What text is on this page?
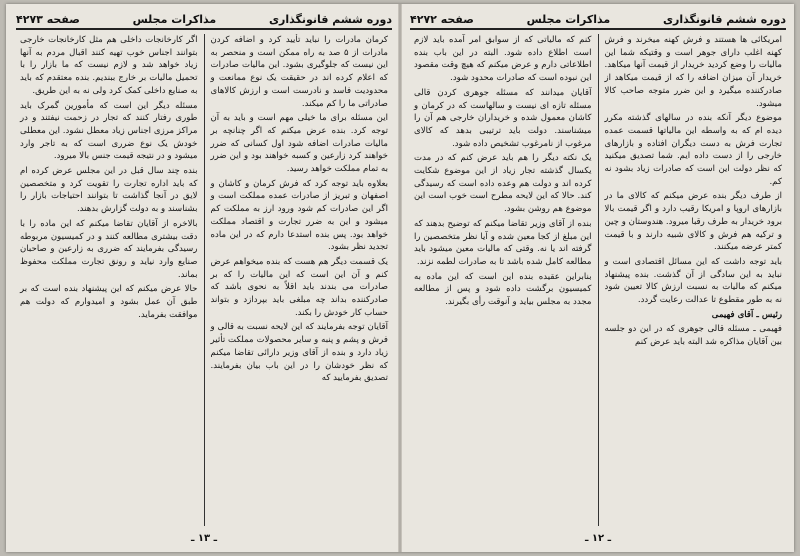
دوره ششم قانونگذاری
مذاکرات مجلس
صفحه ۴۲۷۳

کرمان مادرات را نباید تأیید کرد و اضافه کردن مادرات از ۵ صد به راه ممکن است و منحصر به این نیست که جلوگیری بشود. این مالیات صادرات که اعلام کرده اند در حقیقت یک نوع ممانعت و محدودیت فاسد و نادرست است و ارزش کالاهای صادراتی ما را کم میکند.

این مسئله برای ما خیلی مهم است و باید به آن توجه کرد. بنده عرض میکنم که اگر چنانچه بر مالیات صادرات اضافه شود اول کسانی که ضرر خواهند کرد زارعین و کسبه خواهند بود و این ضرر به تمام مملکت خواهد رسید.

بعلاوه باید توجه کرد که فرش کرمان و کاشان و اصفهان و تبریز از صادرات عمده مملکت است و اگر این صادرات کم شود ورود ارز به مملکت کم میشود و این به ضرر تجارت و اقتصاد مملکت خواهد بود. پس بنده استدعا دارم که در این ماده تجدید نظر بشود.

یک قسمت دیگر هم هست که بنده میخواهم عرض کنم و آن این است که این مالیات را که بر صادرات می بندند باید اقلاً به نحوی باشد که صادرکننده بداند چه مبلغی باید بپردازد و بتواند حساب کار خودش را بکند.

آقایان توجه بفرمایند که این لایحه نسبت به قالی و فرش و پشم و پنبه و سایر محصولات مملکت تأثیر زیاد دارد و بنده از آقای وزیر دارائی تقاضا میکنم که نظر خودشان را در این باب بیان بفرمایند. تصدیق بفرمایید که

اگر کارخانجات داخلی هم مثل کارخانجات خارجی بتوانند اجناس خوب تهیه کنند اقبال مردم به آنها زیاد خواهد شد و لازم نیست که ما بازار را با تحمیل مالیات بر خارج ببندیم. بنده معتقدم که باید به صنایع داخلی کمک کرد ولی نه به این طریق.

مسئله دیگر این است که مأمورین گمرک باید طوری رفتار کنند که تجار در زحمت نیفتند و در مراکز مرزی اجناس زیاد معطل نشود. این معطلی خودش یک نوع ضرری است که به تاجر وارد میشود و در نتیجه قیمت جنس بالا میرود.

بنده چند سال قبل در این مجلس عرض کرده ام که باید اداره تجارت را تقویت کرد و متخصصین لایق در آنجا گذاشت تا بتوانند احتیاجات بازار را بشناسند و به دولت گزارش بدهند.

بالاخره از آقایان تقاضا میکنم که این ماده را با دقت بیشتری مطالعه کنند و در کمیسیون مربوطه رسیدگی بفرمایند که ضرری به زارعین و صاحبان صنایع وارد نیاید و رونق تجارت مملکت محفوظ بماند.

حالا عرض میکنم که این پیشنهاد بنده است که بر طبق آن عمل بشود و امیدوارم که دولت هم موافقت بفرماید.

ـ ۱۳ ـ
دوره ششم قانونگذاری
مذاکرات مجلس
صفحه ۴۲۷۲

امریکائی ها هستند و فرش کهنه میخرند و فرش کهنه اغلب دارای جوهر است و وقتیکه شما این مالیات را وضع کردید خریدار از قیمت آنها میکاهد. خریدار آن میزان اضافه را که از قیمت میکاهد از صادرکننده میگیرد و این ضرر متوجه صاحب کالا میشود.

موضوع دیگر آنکه بنده در سالهای گذشته مکرر دیده ام که به واسطه این مالیاتها قسمت عمده تجارت فرش به دست دیگران افتاده و بازارهای خارجی را از دست داده ایم. شما تصدیق میکنید که نظر دولت این است که صادرات زیاد بشود نه کم.

از طرف دیگر بنده عرض میکنم که کالای ما در بازارهای اروپا و امریکا رقیب دارد و اگر قیمت بالا برود خریدار به طرف رقبا میرود. هندوستان و چین و ترکیه هم فرش و کالای شبیه دارند و با قیمت کمتر عرضه میکنند.

باید توجه داشت که این مسائل اقتصادی است و نباید به این سادگی از آن گذشت. بنده پیشنهاد میکنم که مالیات به نسبت ارزش کالا تعیین شود نه به طور مقطوع تا عدالت رعایت گردد.

رئیس ـ آقای فهیمی

فهیمی ـ مسئله قالی جوهری که در این دو جلسه بین آقایان مذاکره شد البته باید عرض کنم

کنم که مالیاتی که از سوابق امر آمده باید لازم است اطلاع داده شود. البته در این باب بنده اطلاعاتی دارم و عرض میکنم که هیچ وقت مقصود این نبوده است که صادرات محدود شود.

آقایان میدانند که مسئله جوهری کردن قالی مسئله تازه ای نیست و سالهاست که در کرمان و کاشان معمول شده و خریداران خارجی هم آن را میشناسند. دولت باید ترتیبی بدهد که کالای مرغوب از نامرغوب تشخیص داده شود.

یک نکته دیگر را هم باید عرض کنم که در مدت یکسال گذشته تجار زیاد از این موضوع شکایت کرده اند و دولت هم وعده داده است که رسیدگی کند. حالا که این لایحه مطرح است خوب است این موضوع هم روشن بشود.

بنده از آقای وزیر تقاضا میکنم که توضیح بدهند که این مبلغ از کجا معین شده و آیا نظر متخصصین را گرفته اند یا نه. وقتی که مالیات معین میشود باید مطالعه کامل شده باشد تا به صادرات لطمه نزند.

بنابراین عقیده بنده این است که این ماده به کمیسیون برگشت داده شود و پس از مطالعه مجدد به مجلس بیاید و آنوقت رأی بگیرند.

ـ ۱۲ ـ
